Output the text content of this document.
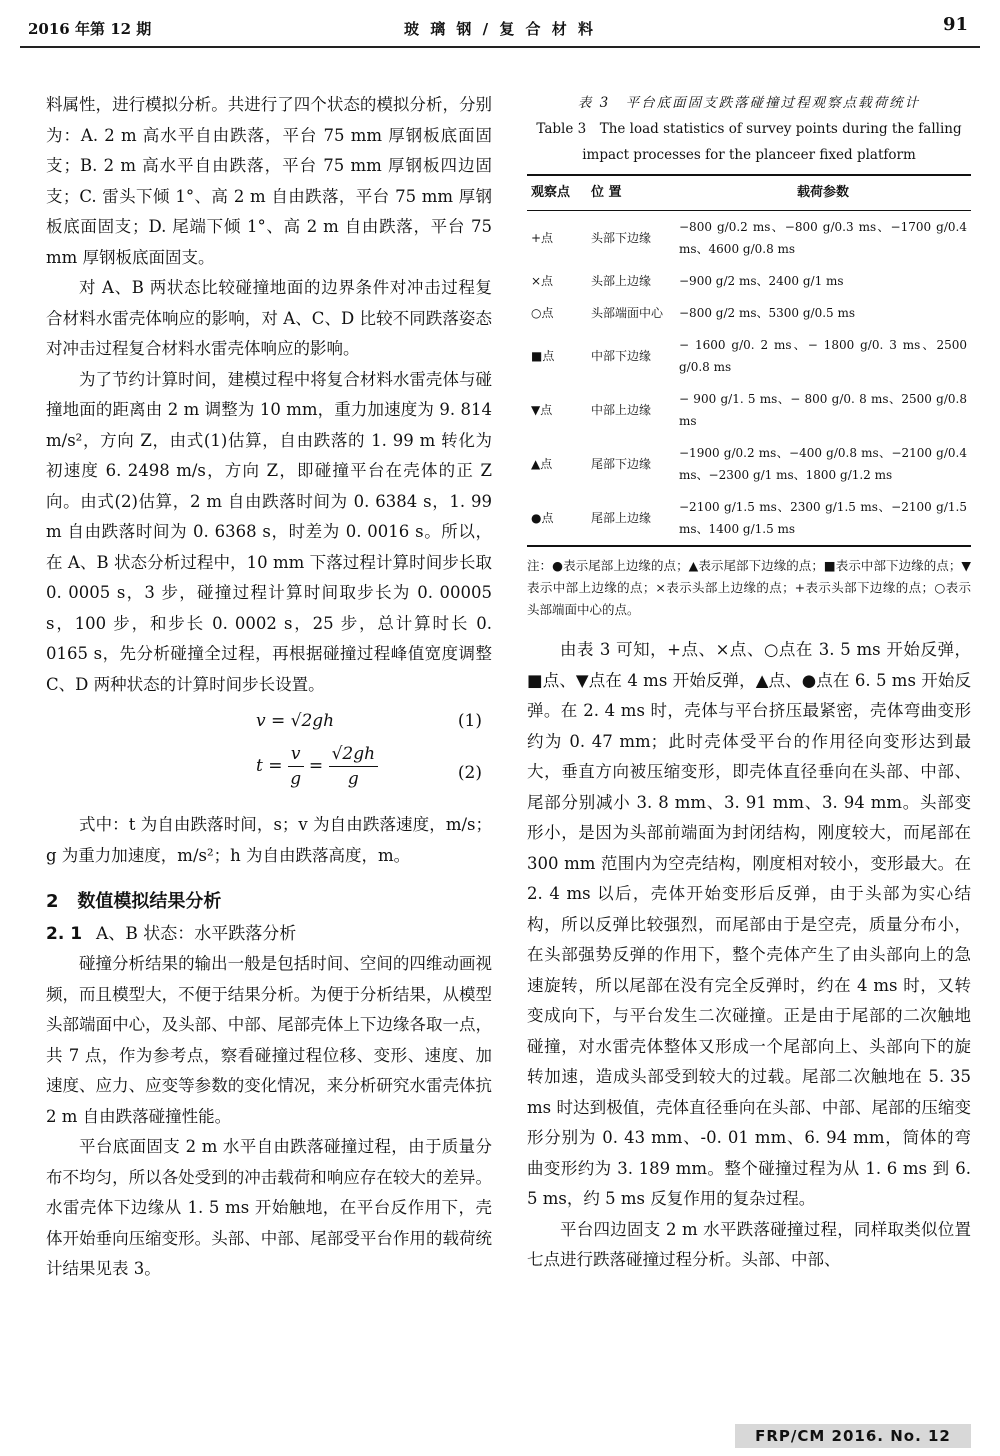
2016 年第 12 期	玻 璃 钢 / 复 合 材 料	91

料属性，进行模拟分析。共进行了四个状态的模拟分析，分别为：A. 2 m 高水平自由跌落，平台 75 mm 厚钢板底面固支；B. 2 m 高水平自由跌落，平台 75 mm 厚钢板四边固支；C. 雷头下倾 1°、高 2 m 自由跌落，平台 75 mm 厚钢板底面固支；D. 尾端下倾 1°、高 2 m 自由跌落，平台 75 mm 厚钢板底面固支。

对 A、B 两状态比较碰撞地面的边界条件对冲击过程复合材料水雷壳体响应的影响，对 A、C、D 比较不同跌落姿态对冲击过程复合材料水雷壳体响应的影响。

为了节约计算时间，建模过程中将复合材料水雷壳体与碰撞地面的距离由 2 m 调整为 10 mm，重力加速度为 9. 814 m/s²，方向 Z，由式(1)估算，自由跌落的 1. 99 m 转化为初速度 6. 2498 m/s，方向 Z，即碰撞平台在壳体的正 Z 向。由式(2)估算，2 m 自由跌落时间为 0. 6384 s，1. 99 m 自由跌落时间为 0. 6368 s，时差为 0. 0016 s。所以，在 A、B 状态分析过程中，10 mm 下落过程计算时间步长取 0. 0005 s，3 步，碰撞过程计算时间取步长为 0. 00005 s，100 步，和步长 0. 0002 s，25 步，总计算时长 0. 0165 s，先分析碰撞全过程，再根据碰撞过程峰值宽度调整 C、D 两种状态的计算时间步长设置。

v = √2gh	(1)
$t = \frac{v}{g} = \frac{√2gh}{g}$	(2)

式中：t 为自由跌落时间，s；v 为自由跌落速度，m/s；g 为重力加速度，m/s²；h 为自由跌落高度，m。

2 数值模拟结果分析
2. 1 A、B 状态：水平跌落分析

碰撞分析结果的输出一般是包括时间、空间的四维动画视频，而且模型大，不便于结果分析。为便于分析结果，从模型头部端面中心，及头部、中部、尾部壳体上下边缘各取一点，共 7 点，作为参考点，察看碰撞过程位移、变形、速度、加速度、应力、应变等参数的变化情况，来分析研究水雷壳体抗 2 m 自由跌落碰撞性能。

平台底面固支 2 m 水平自由跌落碰撞过程，由于质量分布不均匀，所以各处受到的冲击载荷和响应存在较大的差异。水雷壳体下边缘从 1. 5 ms 开始触地，在平台反作用下，壳体开始垂向压缩变形。头部、中部、尾部受平台作用的载荷统计结果见表 3。

表 3　平台底面固支跌落碰撞过程观察点载荷统计
Table 3　The load statistics of survey points during the falling
impact processes for the planceer fixed platform
观察点	位 置	载荷参数
+点	头部下边缘	−800 g/0.2 ms、−800 g/0.3 ms、−1700 g/0.4 ms、4600 g/0.8 ms
×点	头部上边缘	−900 g/2 ms、2400 g/1 ms
○点	头部端面中心	−800 g/2 ms、5300 g/0.5 ms
■点	中部下边缘	− 1600 g/0. 2 ms、− 1800 g/0. 3 ms、2500 g/0.8 ms
▼点	中部上边缘	− 900 g/1. 5 ms、− 800 g/0. 8 ms、2500 g/0.8 ms
▲点	尾部下边缘	−1900 g/0.2 ms、−400 g/0.8 ms、−2100 g/0.4 ms、−2300 g/1 ms、1800 g/1.2 ms
●点	尾部上边缘	−2100 g/1.5 ms、2300 g/1.5 ms、−2100 g/1.5 ms、1400 g/1.5 ms
注：●表示尾部上边缘的点；▲表示尾部下边缘的点；■表示中部下边缘的点；▼表示中部上边缘的点；×表示头部上边缘的点；+表示头部下边缘的点；○表示头部端面中心的点。

由表 3 可知，+点、×点、○点在 3. 5 ms 开始反弹，■点、▼点在 4 ms 开始反弹，▲点、●点在 6. 5 ms 开始反弹。在 2. 4 ms 时，壳体与平台挤压最紧密，壳体弯曲变形约为 0. 47 mm；此时壳体受平台的作用径向变形达到最大，垂直方向被压缩变形，即壳体直径垂向在头部、中部、尾部分别减小 3. 8 mm、3. 91 mm、3. 94 mm。头部变形小，是因为头部前端面为封闭结构，刚度较大，而尾部在 300 mm 范围内为空壳结构，刚度相对较小，变形最大。在 2. 4 ms 以后，壳体开始变形后反弹，由于头部为实心结构，所以反弹比较强烈，而尾部由于是空壳，质量分布小，在头部强势反弹的作用下，整个壳体产生了由头部向上的急速旋转，所以尾部在没有完全反弹时，约在 4 ms 时，又转变成向下，与平台发生二次碰撞。正是由于尾部的二次触地碰撞，对水雷壳体整体又形成一个尾部向上、头部向下的旋转加速，造成头部受到较大的过载。尾部二次触地在 5. 35 ms 时达到极值，壳体直径垂向在头部、中部、尾部的压缩变形分别为 0. 43 mm、-0. 01 mm、6. 94 mm，筒体的弯曲变形约为 3. 189 mm。整个碰撞过程为从 1. 6 ms 到 6. 5 ms，约 5 ms 反复作用的复杂过程。

平台四边固支 2 m 水平跌落碰撞过程，同样取类似位置七点进行跌落碰撞过程分析。头部、中部、

FRP/CM 2016. No. 12
